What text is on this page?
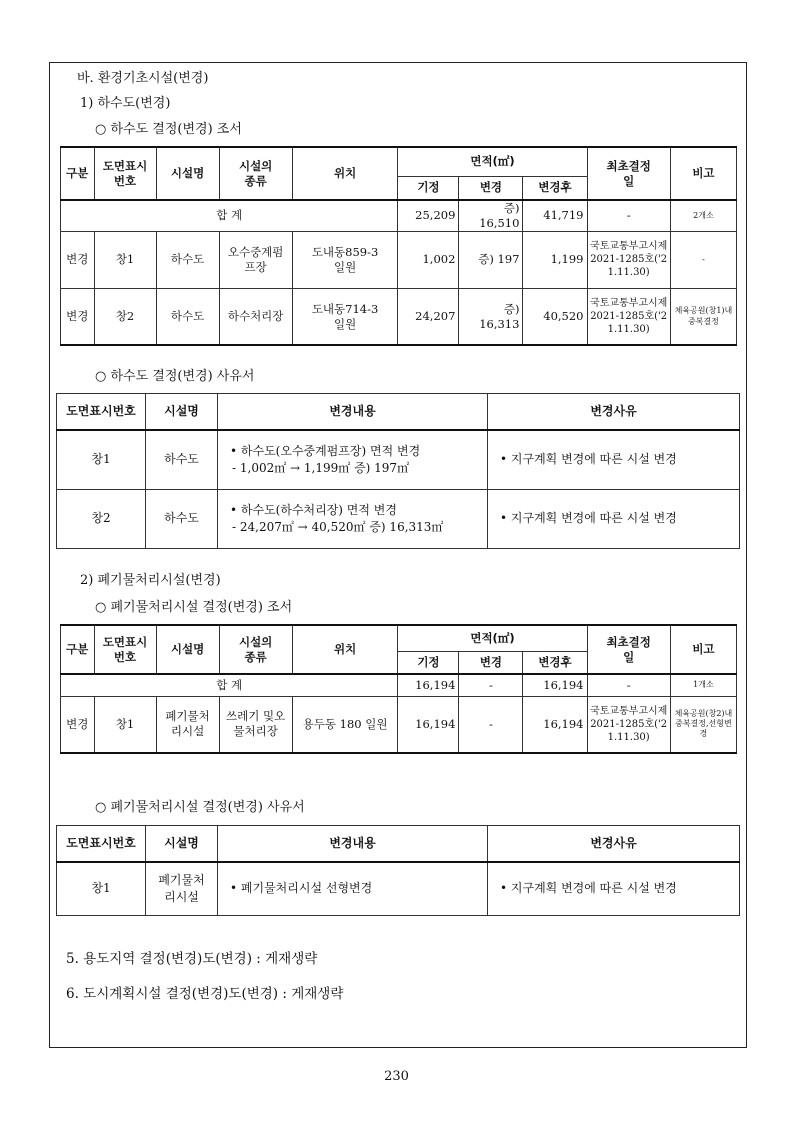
바. 환경기초시설(변경)
1) 하수도(변경)
○ 하수도 결정(변경) 조서
구분	도면표시번호	시설명	시설의종류	위치	면적(㎡)			최초결정일	비고
					기정	변경	변경후		
합 계					25,209	증) 16,510	41,719	-	2개소
변경	창1	하수도	오수중계펌프장	도내동859-3 일원	1,002	증) 197	1,199	국토교통부고시제2021-1285호('21.11.30)	-
변경	창2	하수도	하수처리장	도내동714-3 일원	24,207	증) 16,313	40,520	국토교통부고시제2021-1285호('21.11.30)	체육공원(창1)내 중복결정
○ 하수도 결정(변경) 사유서
도면표시번호	시설명	변경내용	변경사유
창1	하수도	• 하수도(오수중계펌프장) 면적 변경
- 1,002㎡ → 1,199㎡ 증) 197㎡	• 지구계획 변경에 따른 시설 변경
창2	하수도	• 하수도(하수처리장) 면적 변경
- 24,207㎡ → 40,520㎡ 증) 16,313㎡	• 지구계획 변경에 따른 시설 변경
2) 폐기물처리시설(변경)
○ 폐기물처리시설 결정(변경) 조서
구분	도면표시번호	시설명	시설의종류	위치	면적(㎡)			최초결정일	비고
					기정	변경	변경후		
합 계					16,194	-	16,194	-	1개소
변경	창1	폐기물처리시설	쓰레기 및오물처리장	용두동 180 일원	16,194	-	16,194	국토교통부고시제2021-1285호('21.11.30)	체육공원(창2)내 중복결정,선형변경
○ 폐기물처리시설 결정(변경) 사유서
도면표시번호	시설명	변경내용	변경사유
창1	폐기물처리시설	• 폐기물처리시설 선형변경	• 지구계획 변경에 따른 시설 변경
5. 용도지역 결정(변경)도(변경) : 게재생략
6. 도시계획시설 결정(변경)도(변경) : 게재생략
230
